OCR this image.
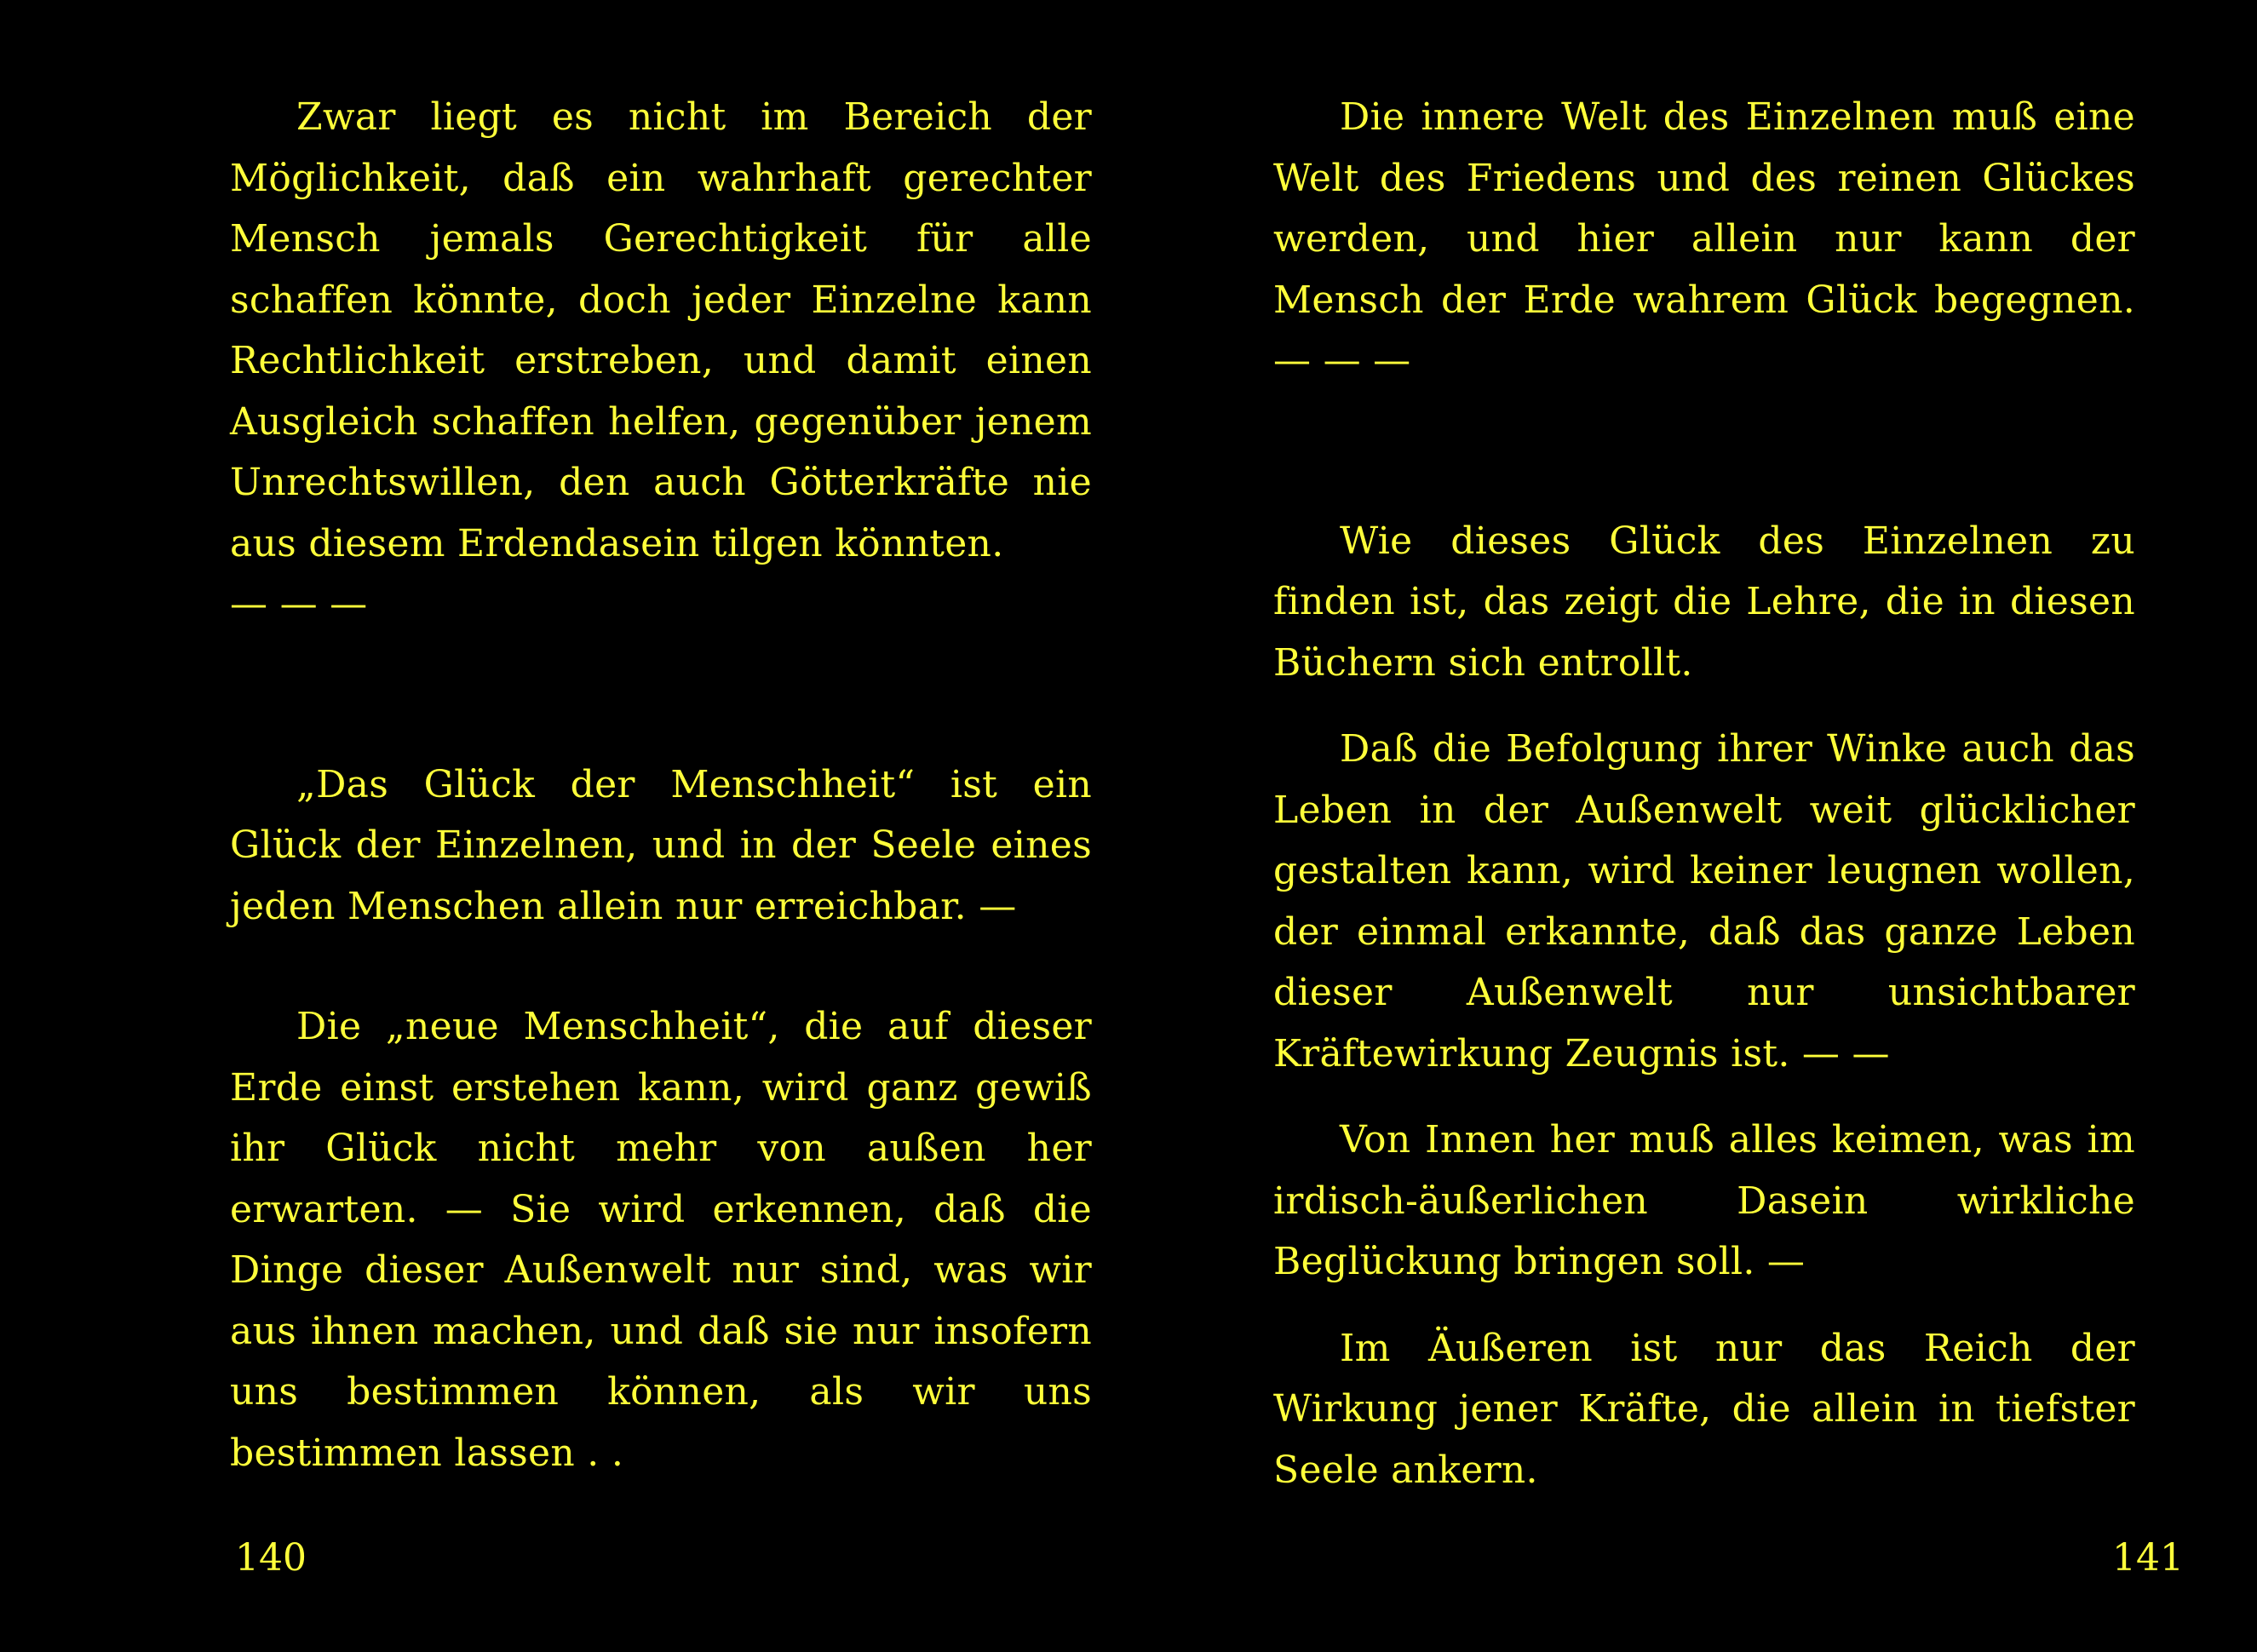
Zwar liegt es nicht im Bereich der Möglichkeit, daß ein wahrhaft gerechter Mensch jemals Gerechtigkeit für alle schaffen könnte, doch jeder Einzelne kann Rechtlichkeit erstreben, und damit einen Ausgleich schaffen helfen, gegenüber jenem Unrechtswillen, den auch Götterkräfte nie aus diesem Erdendasein tilgen könnten.

— — —

„Das Glück der Menschheit“ ist ein Glück der Einzelnen, und in der Seele eines jeden Menschen allein nur erreichbar. —

Die „neue Menschheit“, die auf dieser Erde einst erstehen kann, wird ganz gewiß ihr Glück nicht mehr von außen her erwarten. — Sie wird erkennen, daß die Dinge dieser Außenwelt nur sind, was wir aus ihnen machen, und daß sie nur insofern uns bestimmen können, als wir uns bestimmen lassen . .

140

Die innere Welt des Einzelnen muß eine Welt des Friedens und des reinen Glückes werden, und hier allein nur kann der Mensch der Erde wahrem Glück begegnen. — — —

Wie dieses Glück des Einzelnen zu finden ist, das zeigt die Lehre, die in diesen Büchern sich entrollt.

Daß die Befolgung ihrer Winke auch das Leben in der Außenwelt weit glücklicher gestalten kann, wird keiner leugnen wollen, der einmal erkannte, daß das ganze Leben dieser Außenwelt nur unsichtbarer Kräftewirkung Zeugnis ist. — —

Von Innen her muß alles keimen, was im irdisch-äußerlichen Dasein wirkliche Beglückung bringen soll. —

Im Äußeren ist nur das Reich der Wirkung jener Kräfte, die allein in tiefster Seele ankern.

141
